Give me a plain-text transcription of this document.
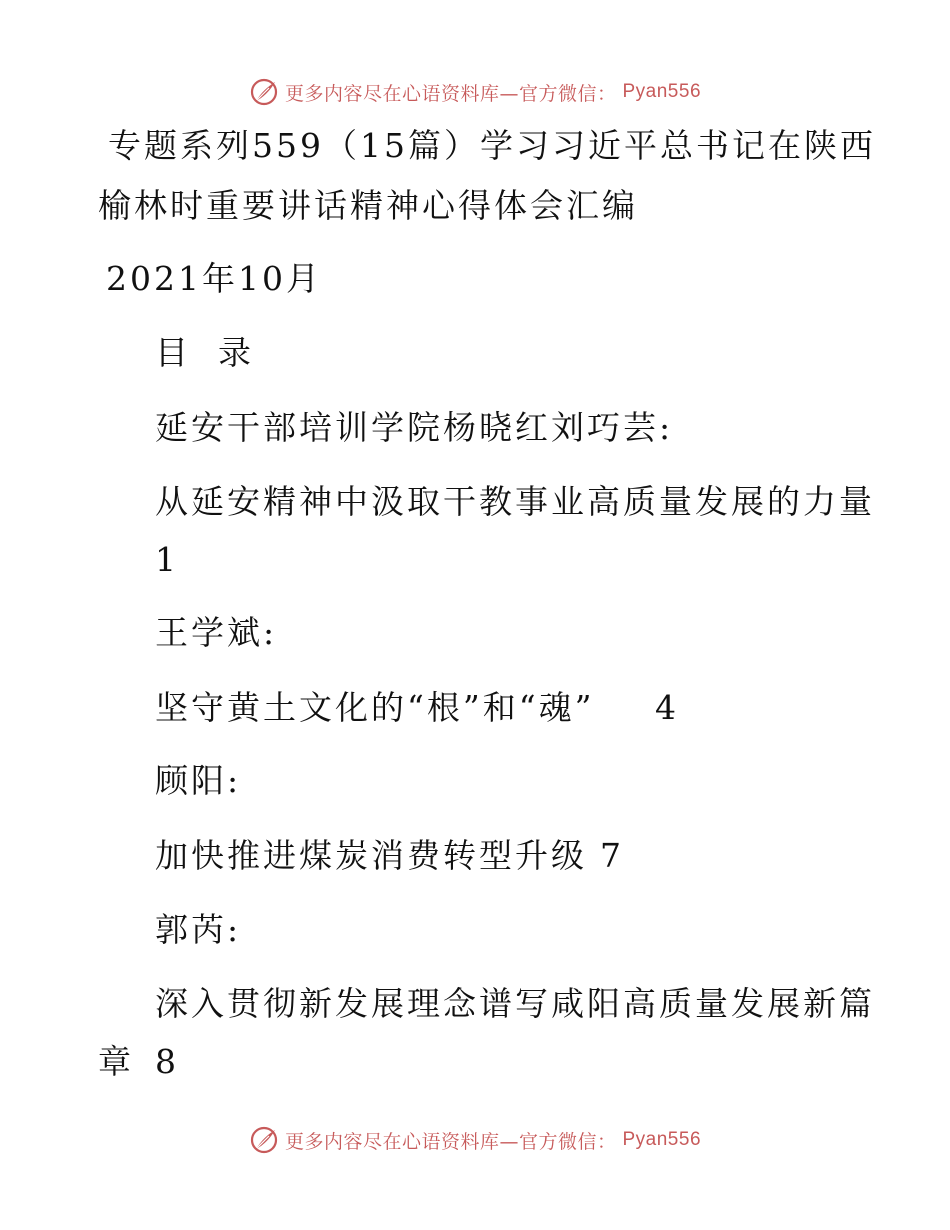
更多内容尽在心语资料库—官方微信： Pyan556
专题系列559（15篇）学习习近平总书记在陕西
榆林时重要讲话精神心得体会汇编
2021年10月
目  录
延安干部培训学院杨晓红刘巧芸:
从延安精神中汲取干教事业高质量发展的力量
1
王学斌:
坚守黄土文化的“根”和“魂” 4
顾阳:
加快推进煤炭消费转型升级 7
郭芮:
深入贯彻新发展理念谱写咸阳高质量发展新篇
章 8
更多内容尽在心语资料库—官方微信： Pyan556
